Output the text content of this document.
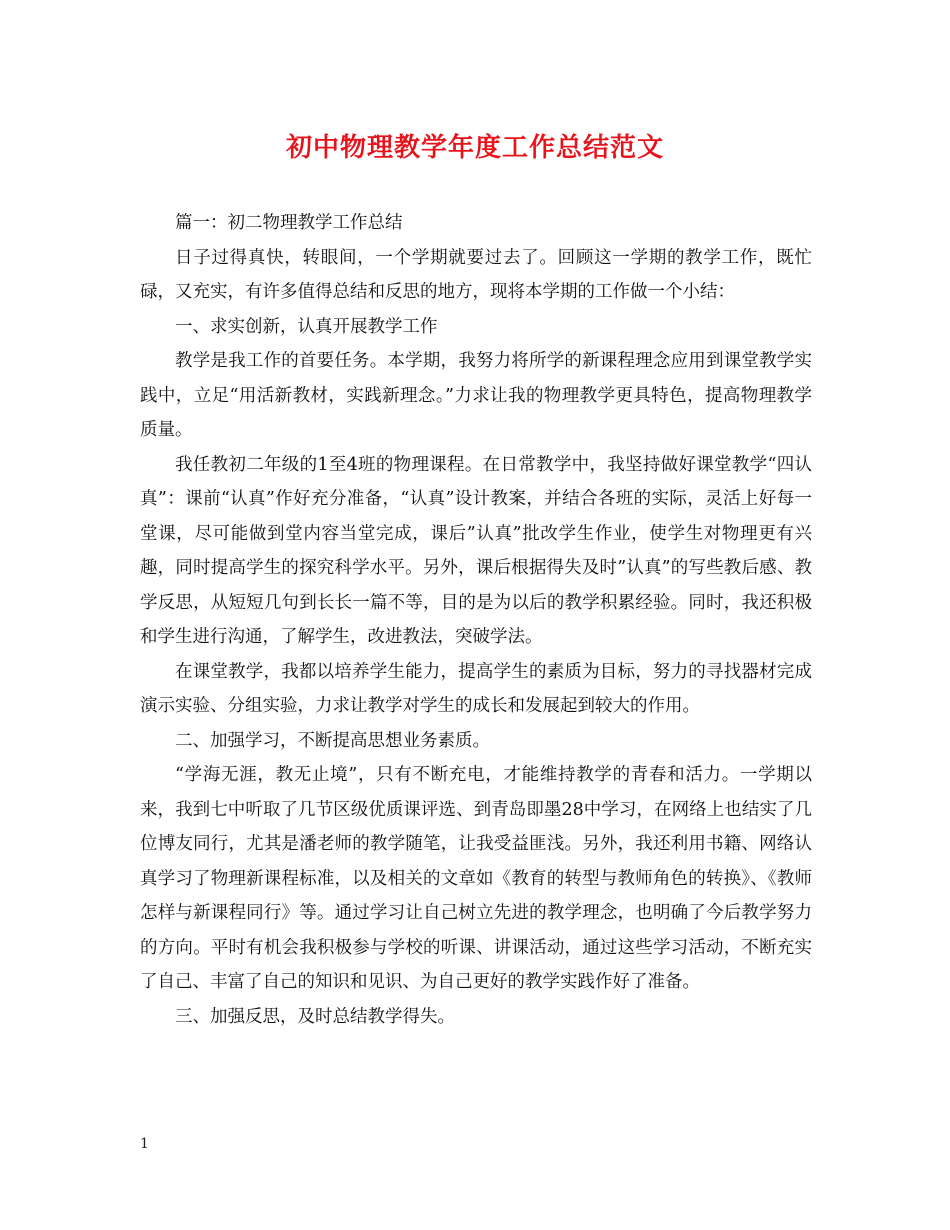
初中物理教学年度工作总结范文

篇一：初二物理教学工作总结

日子过得真快，转眼间，一个学期就要过去了。回顾这一学期的教学工作，既忙碌，又充实，有许多值得总结和反思的地方，现将本学期的工作做一个小结：

一、求实创新，认真开展教学工作

教学是我工作的首要任务。本学期，我努力将所学的新课程理念应用到课堂教学实践中，立足“用活新教材，实践新理念。”力求让我的物理教学更具特色，提高物理教学质量。

我任教初二年级的1至4班的物理课程。在日常教学中，我坚持做好课堂教学“四认真”：课前“认真”作好充分准备，“认真”设计教案，并结合各班的实际，灵活上好每一堂课，尽可能做到堂内容当堂完成，课后”认真”批改学生作业，使学生对物理更有兴趣，同时提高学生的探究科学水平。另外，课后根据得失及时”认真”的写些教后感、教学反思，从短短几句到长长一篇不等，目的是为以后的教学积累经验。同时，我还积极和学生进行沟通，了解学生，改进教法，突破学法。

在课堂教学，我都以培养学生能力，提高学生的素质为目标，努力的寻找器材完成演示实验、分组实验，力求让教学对学生的成长和发展起到较大的作用。

二、加强学习，不断提高思想业务素质。

“学海无涯，教无止境”，只有不断充电，才能维持教学的青春和活力。一学期以来，我到七中听取了几节区级优质课评选、到青岛即墨28中学习，在网络上也结实了几位博友同行，尤其是潘老师的教学随笔，让我受益匪浅。另外，我还利用书籍、网络认真学习了物理新课程标准，以及相关的文章如《教育的转型与教师角色的转换》、《教师怎样与新课程同行》等。通过学习让自己树立先进的教学理念，也明确了今后教学努力的方向。平时有机会我积极参与学校的听课、讲课活动，通过这些学习活动，不断充实了自己、丰富了自己的知识和见识、为自己更好的教学实践作好了准备。

三、加强反思，及时总结教学得失。

1
